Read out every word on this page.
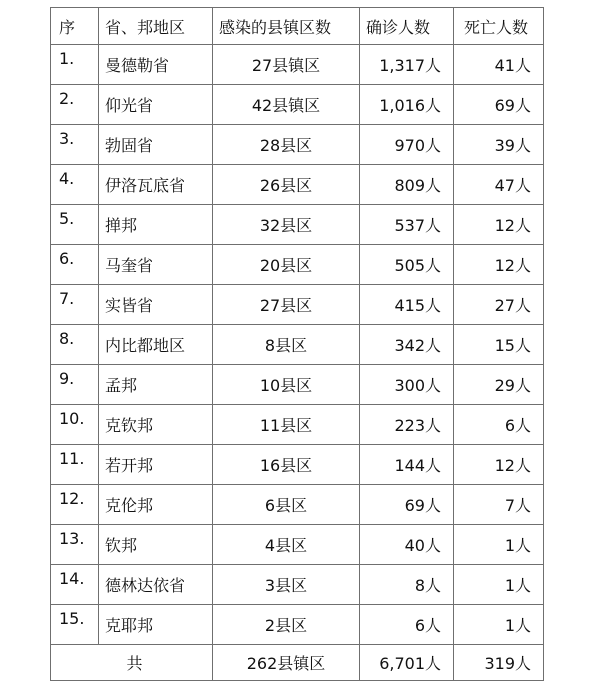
序	省、邦地区	感染的县镇区数	确诊人数	死亡人数
1.	曼德勒省	27县镇区	1,317人	41人
2.	仰光省	42县镇区	1,016人	69人
3.	勃固省	28县区	970人	39人
4.	伊洛瓦底省	26县区	809人	47人
5.	掸邦	32县区	537人	12人
6.	马奎省	20县区	505人	12人
7.	实皆省	27县区	415人	27人
8.	内比都地区	8县区	342人	15人
9.	孟邦	10县区	300人	29人
10.	克钦邦	11县区	223人	6人
11.	若开邦	16县区	144人	12人
12.	克伦邦	6县区	69人	7人
13.	钦邦	4县区	40人	1人
14.	德林达依省	3县区	8人	1人
15.	克耶邦	2县区	6人	1人
共		262县镇区	6,701人	319人
